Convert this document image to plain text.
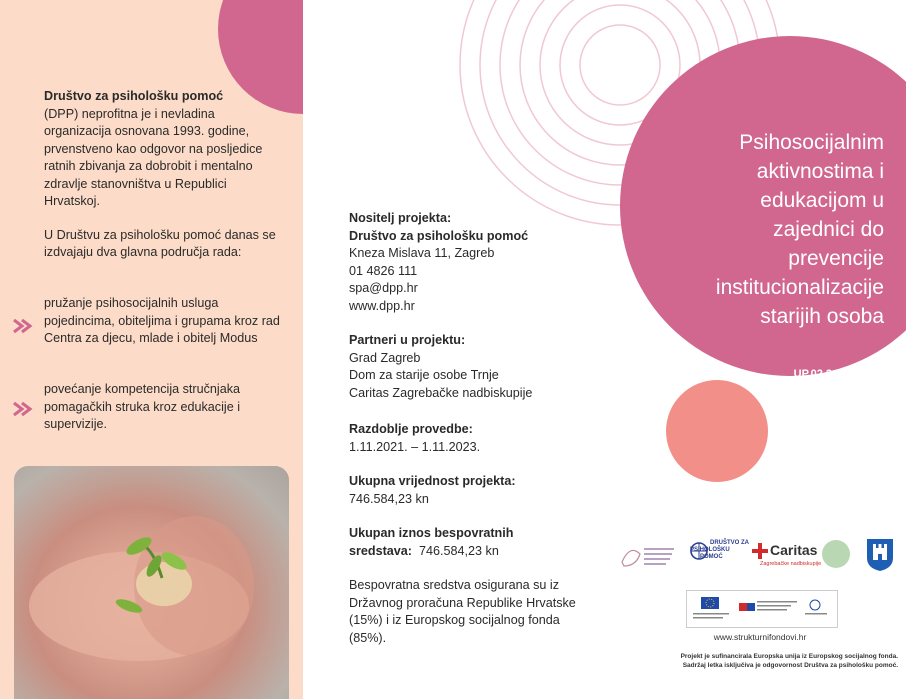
Društvo za psihološku pomoć
(DPP) neprofitna je i nevladina organizacija osnovana 1993. godine, prvenstveno kao odgovor na posljedice ratnih zbivanja za dobrobit i mentalno zdravlje stanovništva u Republici Hrvatskoj.

U Društvu za psihološku pomoć danas se izdvajaju dva glavna područja rada:

pružanje psihosocijalnih usluga pojedincima, obiteljima i grupama kroz rad Centra za djecu, mlade i obitelj Modus
povećanje kompetencija stručnjaka pomagačkih struka kroz edukacije i supervizije.
Nositelj projekta:
Društvo za psihološku pomoć
Kneza Mislava 11, Zagreb
01 4826 111
spa@dpp.hr
www.dpp.hr
Partneri u projektu:
Grad Zagreb
Dom za starije osobe Trnje
Caritas Zagrebačke nadbiskupije
Razdoblje provedbe:
1.11.2021. – 1.11.2023.
Ukupna vrijednost projekta:
746.584,23 kn
Ukupan iznos bespovratnih sredstava: 746.584,23 kn
Bespovratna sredstva osigurana su iz Državnog proračuna Republike Hrvatske (15%) i iz Europskog socijalnog fonda (85%).
Psihosocijalnim
aktivnostima i
edukacijom u
zajednici do
prevencije
institucionalizacije
starijih osoba
UP.02.2.2.15.0051
DRUŠTVO ZA
PSIHOLOŠKU
POMOĆ	Caritas
Zagrebačke nadbiskupije
www.strukturnifondovi.hr
Projekt je sufinancirala Europska unija iz Europskog socijalnog fonda.
Sadržaj letka isključiva je odgovornost Društva za psihološku pomoć.
